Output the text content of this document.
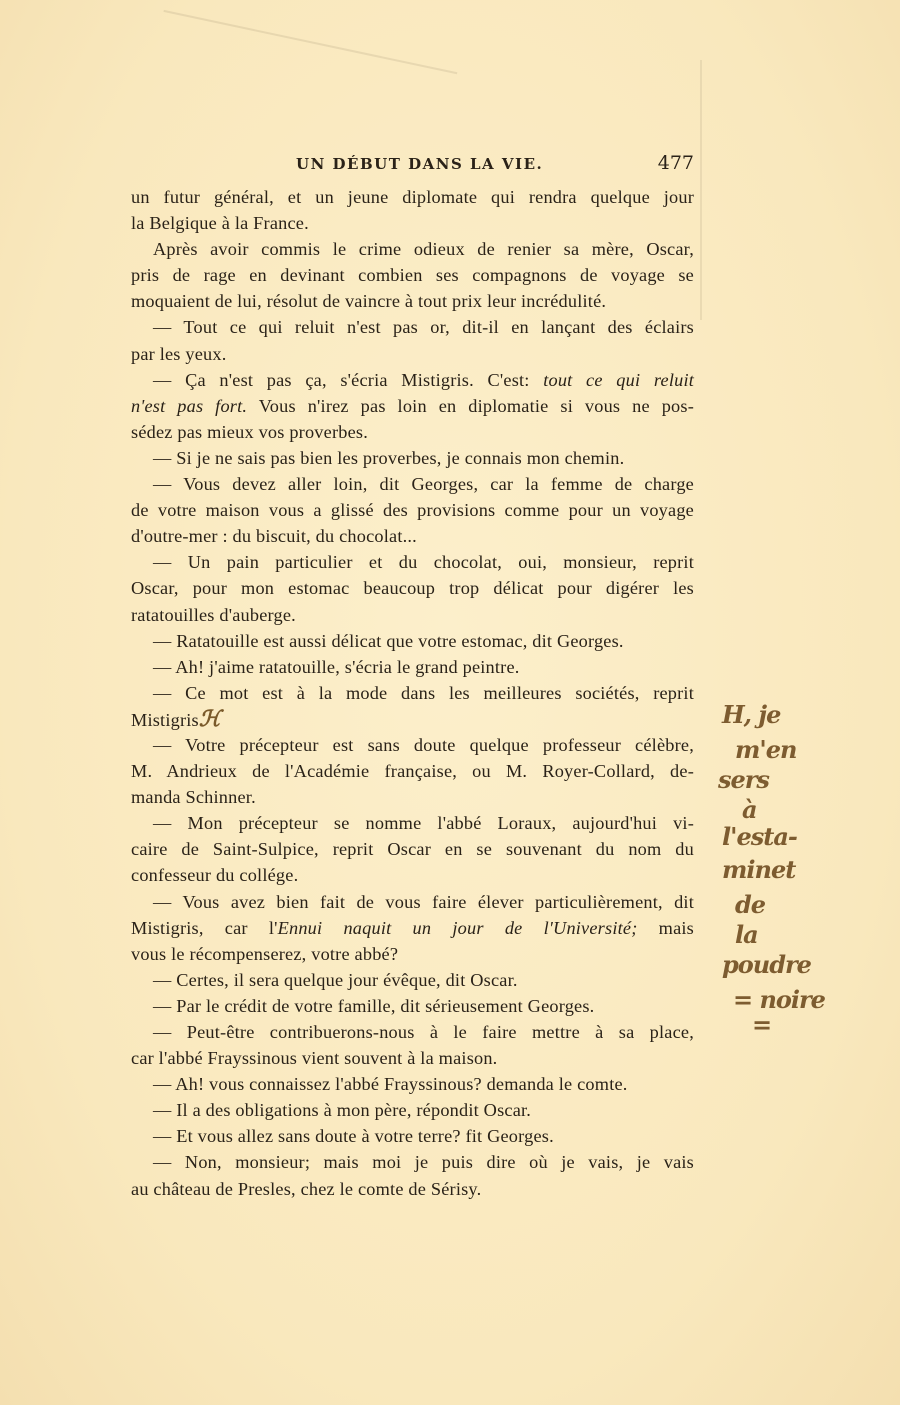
UN DÉBUT DANS LA VIE.	477
un futur général, et un jeune diplomate qui rendra quelque jour
la Belgique à la France.
Après avoir commis le crime odieux de renier sa mère, Oscar,
pris de rage en devinant combien ses compagnons de voyage se
moquaient de lui, résolut de vaincre à tout prix leur incrédulité.
— Tout ce qui reluit n'est pas or, dit-il en lançant des éclairs
par les yeux.
— Ça n'est pas ça, s'écria Mistigris. C'est: tout ce qui reluit
n'est pas fort. Vous n'irez pas loin en diplomatie si vous ne pos-
sédez pas mieux vos proverbes.
— Si je ne sais pas bien les proverbes, je connais mon chemin.
— Vous devez aller loin, dit Georges, car la femme de charge
de votre maison vous a glissé des provisions comme pour un voyage
d'outre-mer : du biscuit, du chocolat...
— Un pain particulier et du chocolat, oui, monsieur, reprit
Oscar, pour mon estomac beaucoup trop délicat pour digérer les
ratatouilles d'auberge.
— Ratatouille est aussi délicat que votre estomac, dit Georges.
— Ah! j'aime ratatouille, s'écria le grand peintre.
— Ce mot est à la mode dans les meilleures sociétés, reprit
Mistigrisℋ
— Votre précepteur est sans doute quelque professeur célèbre,
M. Andrieux de l'Académie française, ou M. Royer-Collard, de-
manda Schinner.
— Mon précepteur se nomme l'abbé Loraux, aujourd'hui vi-
caire de Saint-Sulpice, reprit Oscar en se souvenant du nom du
confesseur du collége.
— Vous avez bien fait de vous faire élever particulièrement, dit
Mistigris, car l'Ennui naquit un jour de l'Université; mais
vous le récompenserez, votre abbé?
— Certes, il sera quelque jour évêque, dit Oscar.
— Par le crédit de votre famille, dit sérieusement Georges.
— Peut-être contribuerons-nous à le faire mettre à sa place,
car l'abbé Frayssinous vient souvent à la maison.
— Ah! vous connaissez l'abbé Frayssinous? demanda le comte.
— Il a des obligations à mon père, répondit Oscar.
— Et vous allez sans doute à votre terre? fit Georges.
— Non, monsieur; mais moi je puis dire où je vais, je vais
au château de Presles, chez le comte de Sérisy.
H, je
m'en
sers
à
l'esta-
minet
de
la
poudre
= noire
=
